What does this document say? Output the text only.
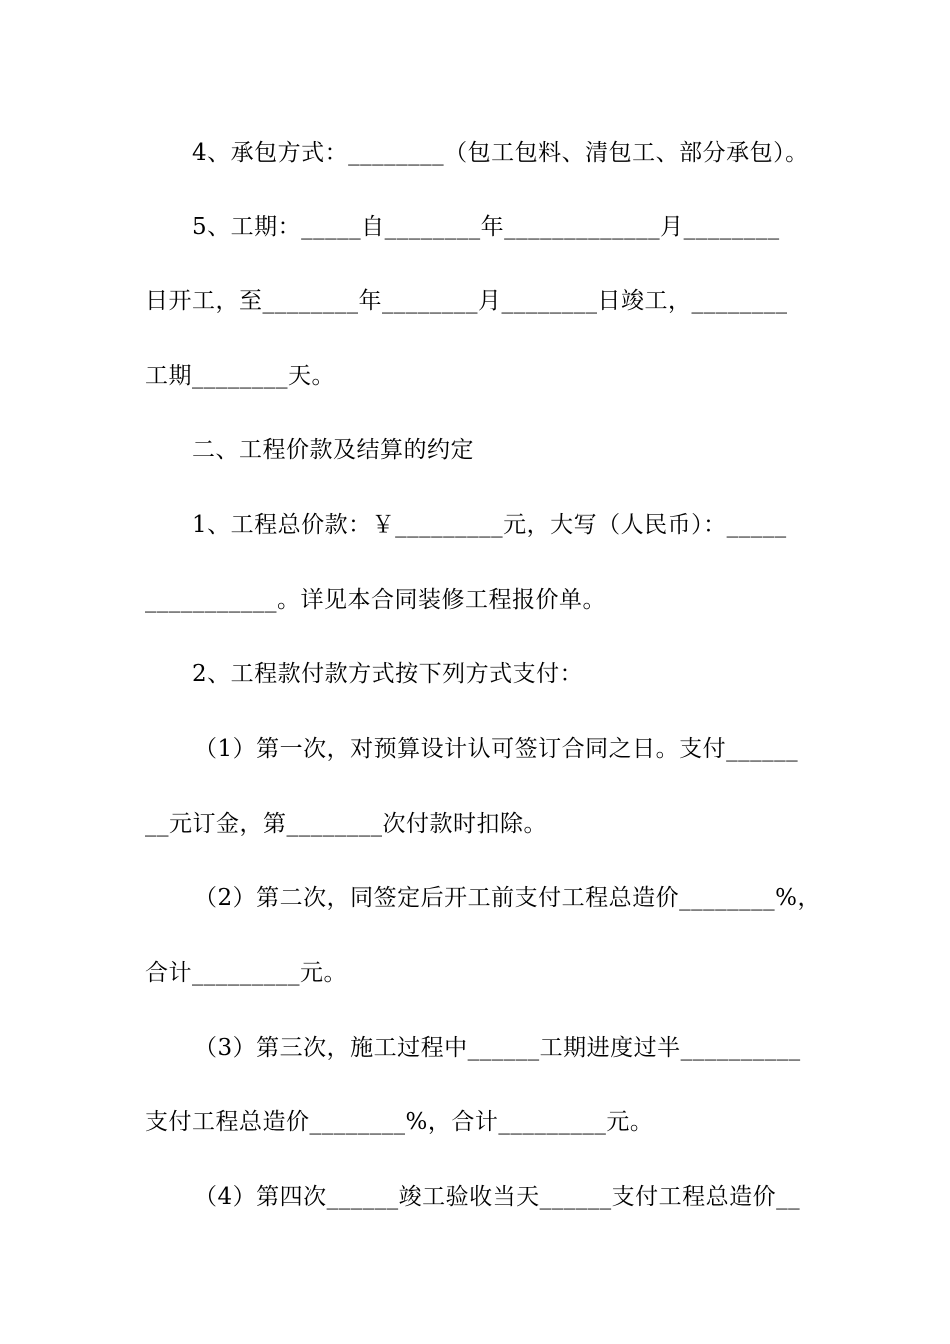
4、承包方式：________（包工包料、清包工、部分承包）。
5、工期：_____自________年_____________月________
日开工，至________年________月________日竣工，________
工期________天。
二、工程价款及结算的约定
1、工程总价款：￥_________元，大写（人民币）：_____
___________。详见本合同装修工程报价单。
2、工程款付款方式按下列方式支付：
（1）第一次，对预算设计认可签订合同之日。支付______
__元订金，第________次付款时扣除。
（2）第二次，同签定后开工前支付工程总造价________%，
合计_________元。
（3）第三次，施工过程中______工期进度过半__________
支付工程总造价________%，合计_________元。
（4）第四次______竣工验收当天______支付工程总造价__
